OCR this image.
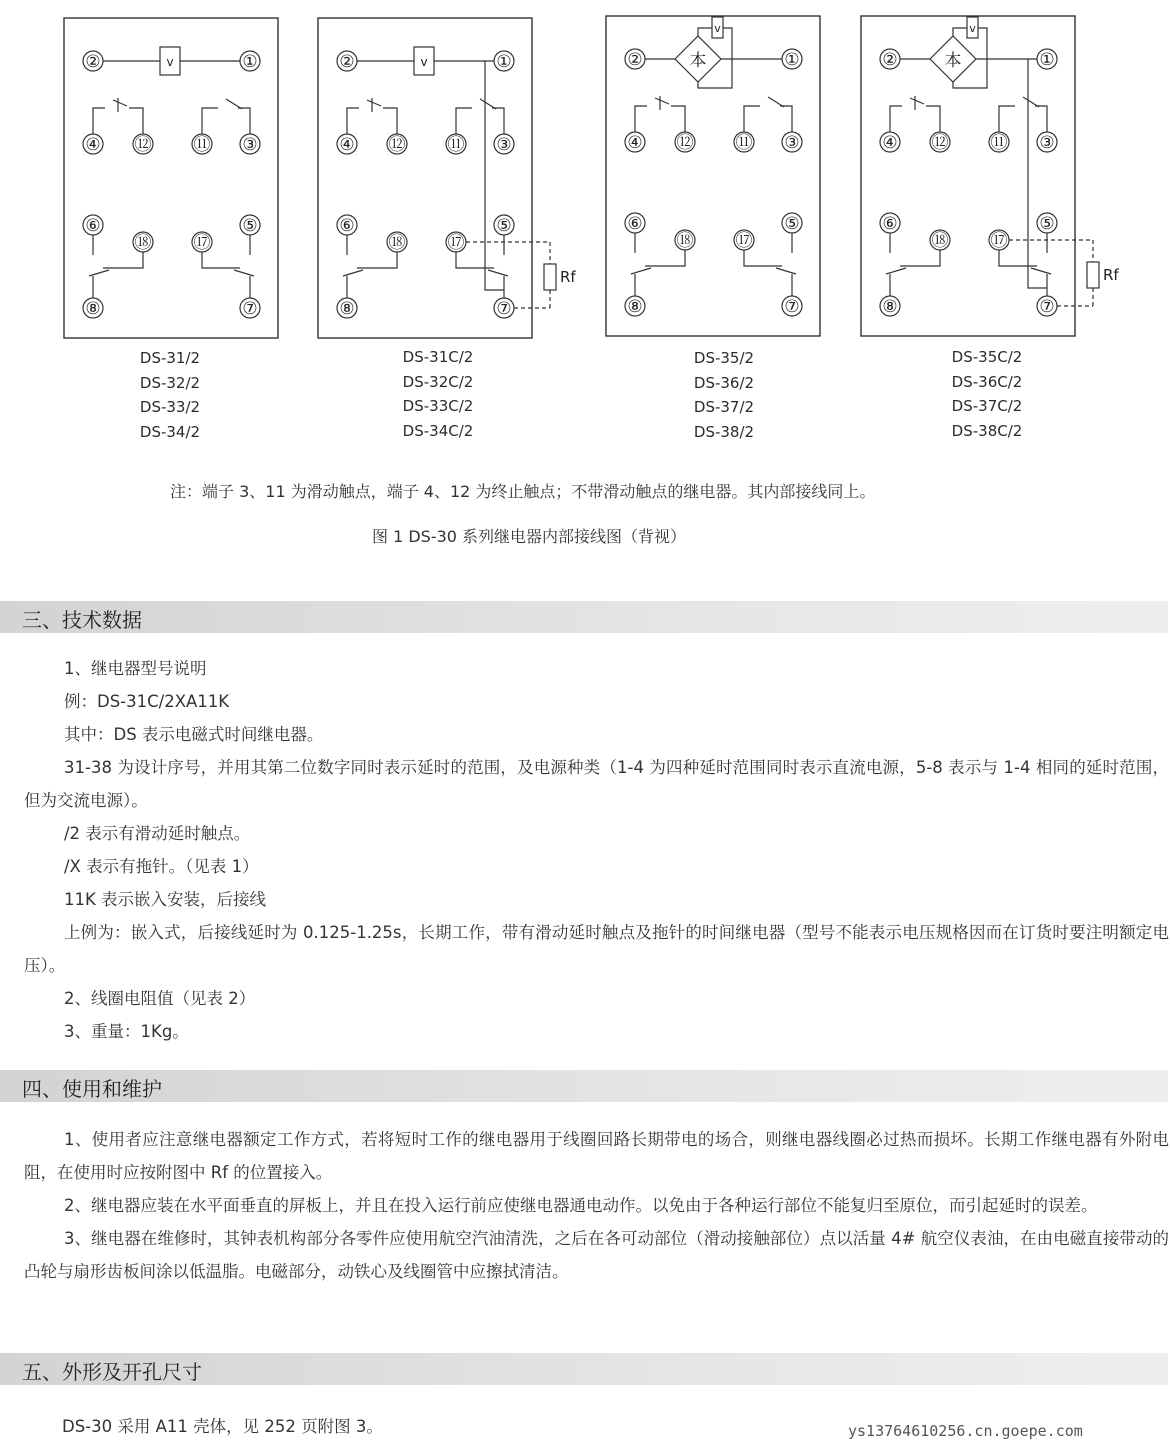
v
②	①
④ ⑫ ⑪ ③
⑥
⑱ ⑰
⑤
⑧	⑦
v
②	①
④ ⑫ ⑪ ③
⑥
⑱ ⑰
⑤
⑧	⑦
Rf
本
v
②	①
④ ⑫ ⑪ ③
⑥
⑱ ⑰
⑤
⑧	⑦
本
v
②	①
④ ⑫ ⑪ ③
⑥
⑱ ⑰
⑤
⑧	⑦
Rf
DS-31/2
DS-32/2
DS-33/2
DS-34/2
DS-31C/2
DS-32C/2
DS-33C/2
DS-34C/2
DS-35/2
DS-36/2
DS-37/2
DS-38/2
DS-35C/2
DS-36C/2
DS-37C/2
DS-38C/2
注：端子 3、11 为滑动触点，端子 4、12 为终止触点；不带滑动触点的继电器。其内部接线同上。
图 1 DS-30 系列继电器内部接线图（背视）
三、技术数据

1、继电器型号说明

例：DS-31C/2XA11K

其中：DS 表示电磁式时间继电器。

31-38 为设计序号，并用其第二位数字同时表示延时的范围，及电源种类（1-4 为四种延时范围同时表示直流电源，5-8 表示与 1-4 相同的延时范围，但为交流电源）。

/2 表示有滑动延时触点。

/X 表示有拖针。（见表 1）

11K 表示嵌入安装，后接线

上例为：嵌入式，后接线延时为 0.125-1.25s，长期工作，带有滑动延时触点及拖针的时间继电器（型号不能表示电压规格因而在订货时要注明额定电压）。

2、线圈电阻值（见表 2）

3、重量：1Kg。

四、使用和维护

1、使用者应注意继电器额定工作方式，若将短时工作的继电器用于线圈回路长期带电的场合，则继电器线圈必过热而损坏。长期工作继电器有外附电阻，在使用时应按附图中 Rf 的位置接入。

2、继电器应装在水平面垂直的屏板上，并且在投入运行前应使继电器通电动作。以免由于各种运行部位不能复归至原位，而引起延时的误差。

3、继电器在维修时，其钟表机构部分各零件应使用航空汽油清洗，之后在各可动部位（滑动接触部位）点以活量 4# 航空仪表油，在由电磁直接带动的凸轮与扇形齿板间涂以低温脂。电磁部分，动铁心及线圈管中应擦拭清洁。

五、外形及开孔尺寸
DS-30 采用 A11 壳体，见 252 页附图 3。	ys13764610256.cn.goepe.com
